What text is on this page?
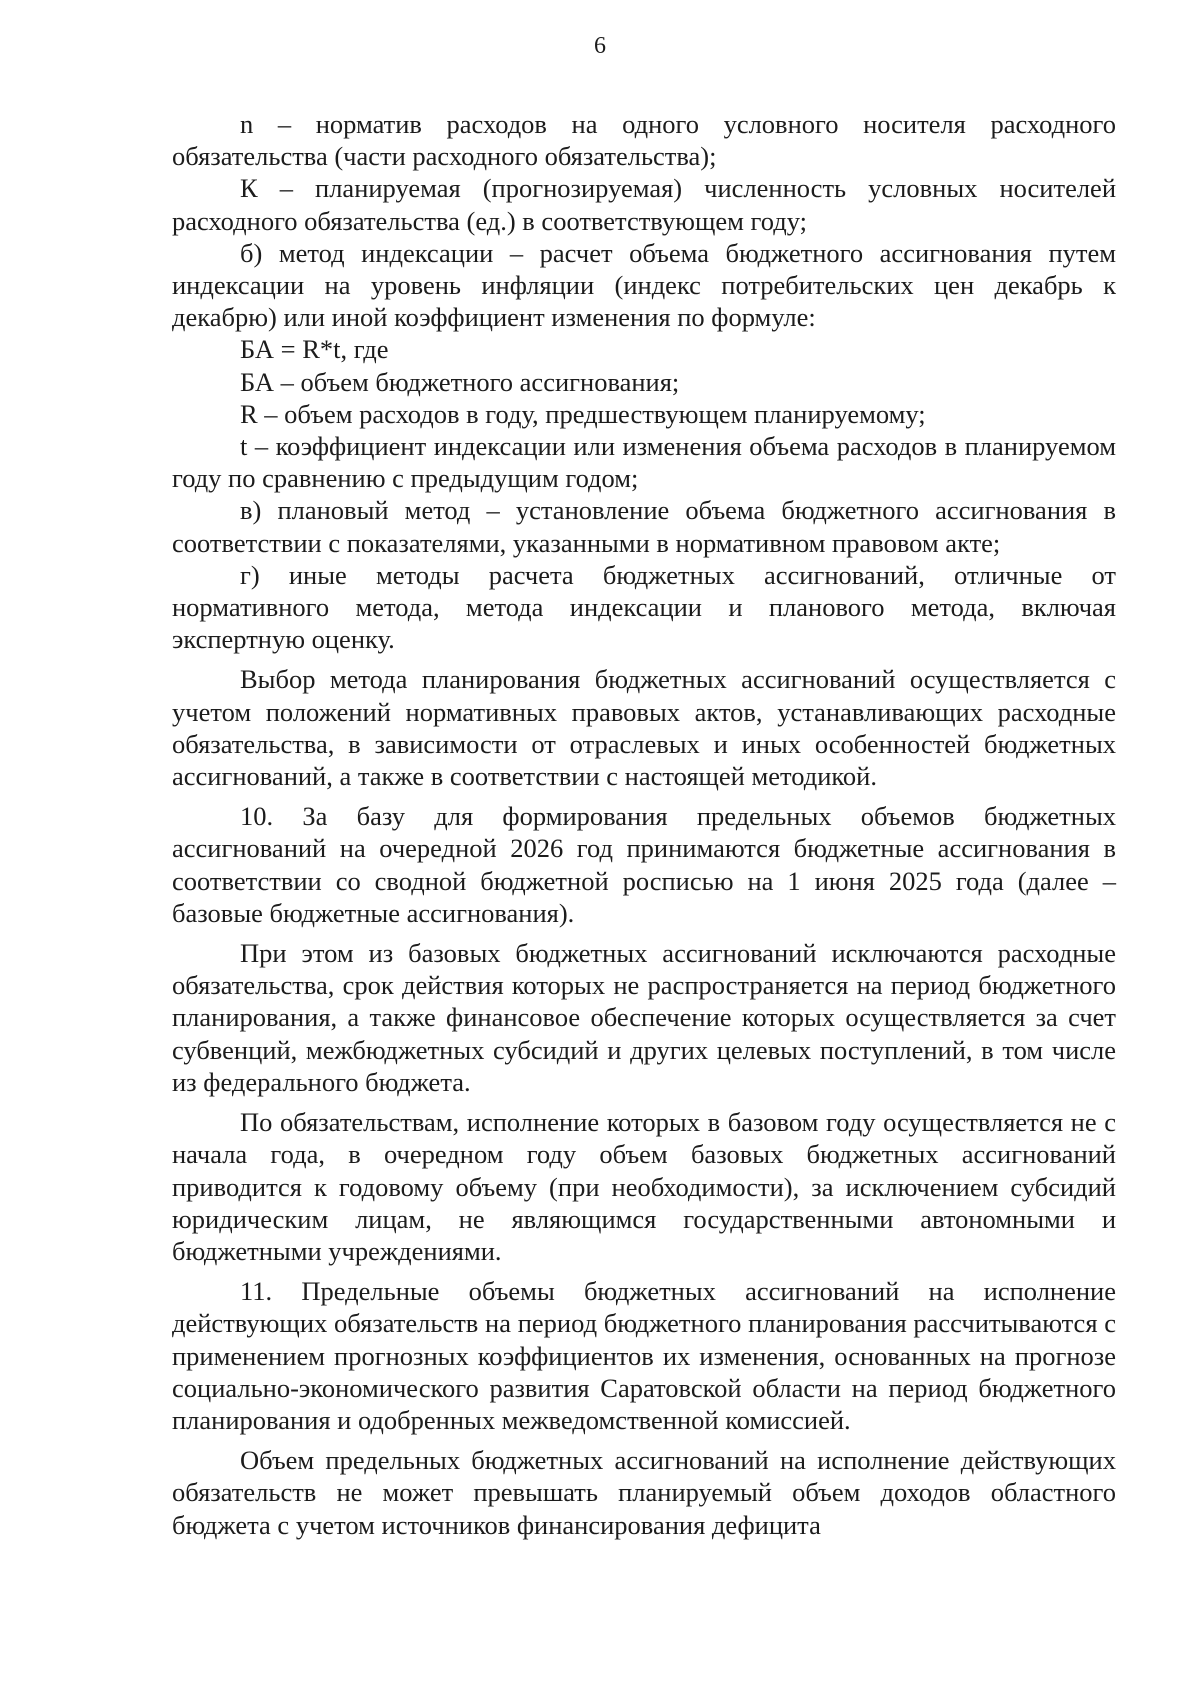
6

n – норматив расходов на одного условного носителя расходного обязательства (части расходного обязательства);

К – планируемая (прогнозируемая) численность условных носителей расходного обязательства (ед.) в соответствующем году;

б) метод индексации – расчет объема бюджетного ассигнования путем индексации на уровень инфляции (индекс потребительских цен декабрь к декабрю) или иной коэффициент изменения по формуле:

БА = R*t, где

БА – объем бюджетного ассигнования;

R – объем расходов в году, предшествующем планируемому;

t – коэффициент индексации или изменения объема расходов в планируемом году по сравнению с предыдущим годом;

в) плановый метод – установление объема бюджетного ассигнования в соответствии с показателями, указанными в нормативном правовом акте;

г) иные методы расчета бюджетных ассигнований, отличные от нормативного метода, метода индексации и планового метода, включая экспертную оценку.

Выбор метода планирования бюджетных ассигнований осуществляется с учетом положений нормативных правовых актов, устанавливающих расходные обязательства, в зависимости от отраслевых и иных особенностей бюджетных ассигнований, а также в соответствии с настоящей методикой.

10. За базу для формирования предельных объемов бюджетных ассигнований на очередной 2026 год принимаются бюджетные ассигнования в соответствии со сводной бюджетной росписью на 1 июня 2025 года (далее – базовые бюджетные ассигнования).

При этом из базовых бюджетных ассигнований исключаются расходные обязательства, срок действия которых не распространяется на период бюджетного планирования, а также финансовое обеспечение которых осуществляется за счет субвенций, межбюджетных субсидий и других целевых поступлений, в том числе из федерального бюджета.

По обязательствам, исполнение которых в базовом году осуществляется не с начала года, в очередном году объем базовых бюджетных ассигнований приводится к годовому объему (при необходимости), за исключением субсидий юридическим лицам, не являющимся государственными автономными и бюджетными учреждениями.

11. Предельные объемы бюджетных ассигнований на исполнение действующих обязательств на период бюджетного планирования рассчитываются с применением прогнозных коэффициентов их изменения, основанных на прогнозе социально-экономического развития Саратовской области на период бюджетного планирования и одобренных межведомственной комиссией.

Объем предельных бюджетных ассигнований на исполнение действующих обязательств не может превышать планируемый объем доходов областного бюджета с учетом источников финансирования дефицита
